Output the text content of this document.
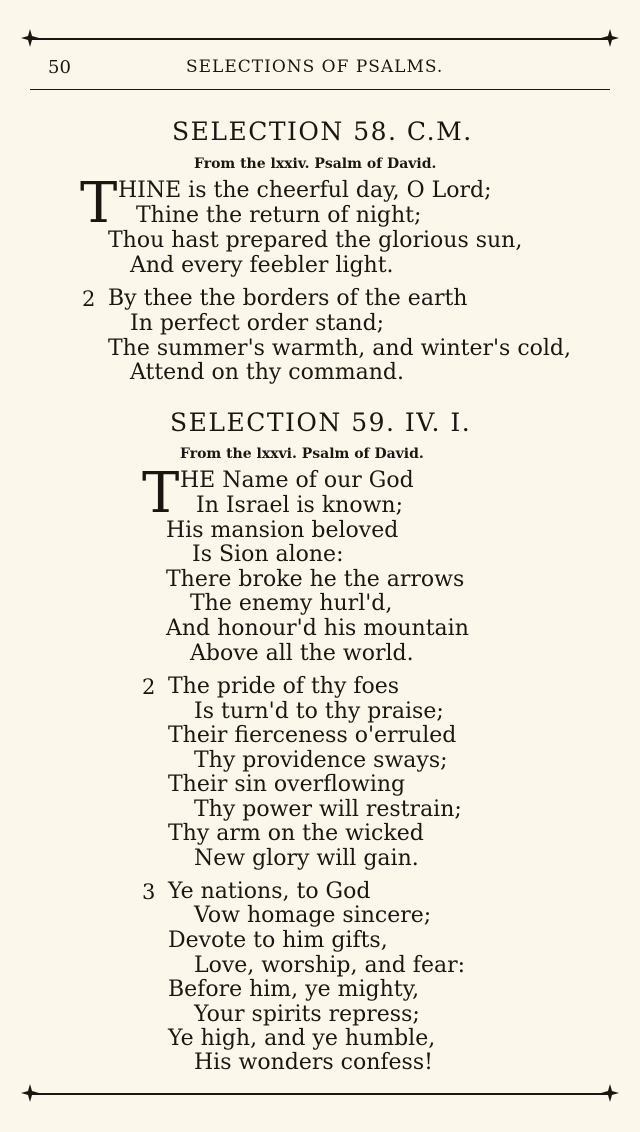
50	SELECTIONS OF PSALMS.
SELECTION 58. C.M.
From the lxxiv. Psalm of David.
T HINE is the cheerful day, O Lord;
Thine the return of night;
Thou hast prepared the glorious sun,
And every feebler light.
2 By thee the borders of the earth
In perfect order stand;
The summer's warmth, and winter's cold,
Attend on thy command.
SELECTION 59. IV. I.
From the lxxvi. Psalm of David.
T HE Name of our God
In Israel is known;
His mansion beloved
Is Sion alone:
There broke he the arrows
The enemy hurl'd,
And honour'd his mountain
Above all the world.
2 The pride of thy foes
Is turn'd to thy praise;
Their fierceness o'erruled
Thy providence sways;
Their sin overflowing
Thy power will restrain;
Thy arm on the wicked
New glory will gain.
3 Ye nations, to God
Vow homage sincere;
Devote to him gifts,
Love, worship, and fear:
Before him, ye mighty,
Your spirits repress;
Ye high, and ye humble,
His wonders confess!
